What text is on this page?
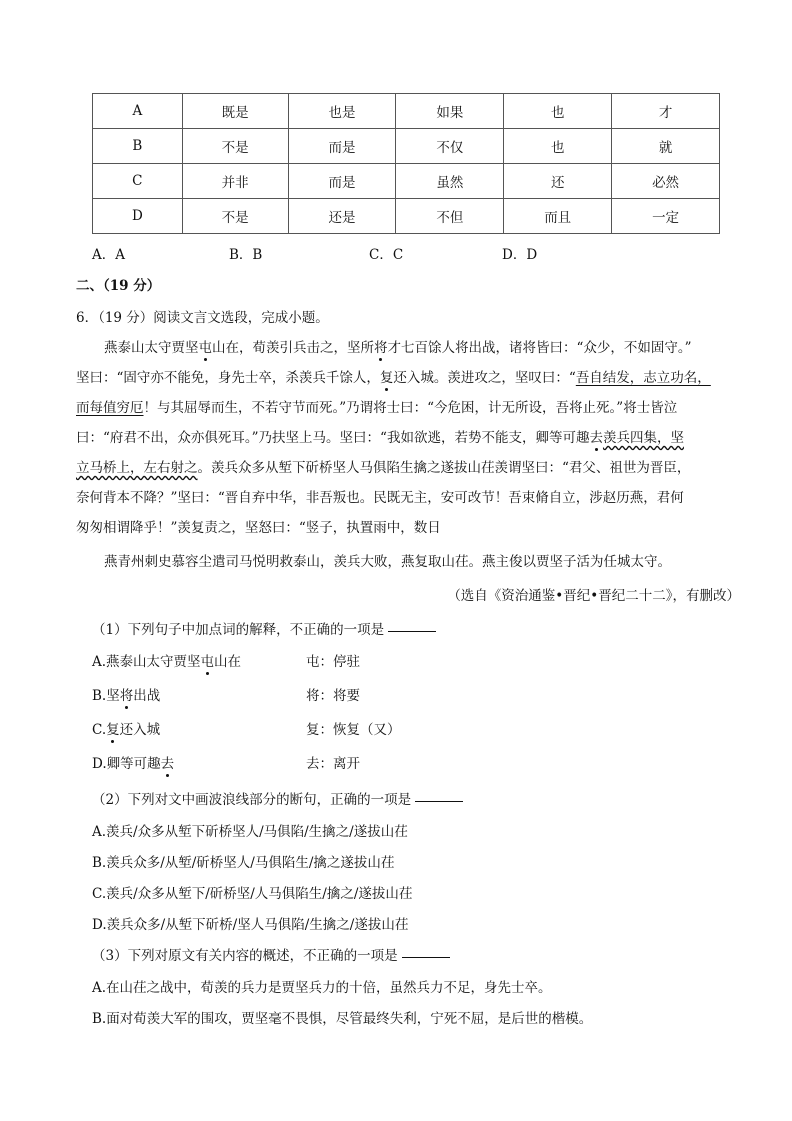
A	既是	也是	如果	也	才
B	不是	而是	不仅	也	就
C	并非	而是	虽然	还	必然
D	不是	还是	不但	而且	一定
A．A	B．B	C．C	D．D
二、（19 分）
6．（19 分）阅读文言文选段，完成小题。
燕泰山太守贾坚屯山在，荀羡引兵击之，坚所将才七百馀人将出战，诸将皆曰：“众少，不如固守。”
坚曰：“固守亦不能免，身先士卒，杀羡兵千馀人，复还入城。羡进攻之，坚叹曰：“吾自结发，志立功名，
而每值穷厄！与其屈辱而生，不若守节而死。”乃谓将士曰：“今危困，计无所设，吾将止死。”将士皆泣
曰：“府君不出，众亦俱死耳。”乃扶坚上马。坚曰：“我如欲逃，若势不能支，卿等可趣去羡兵四集，坚
立马桥上，左右射之。羡兵众多从堑下斫桥坚人马俱陷生擒之遂拔山茌羡谓坚曰：“君父、祖世为晋臣，
奈何背本不降？”坚曰：“晋自弃中华，非吾叛也。民既无主，安可改节！吾束脩自立，涉赵历燕，君何
匆匆相谓降乎！”羡复责之，坚怒曰：“竖子，执置雨中，数日
燕青州刺史慕容尘遣司马悦明救泰山，羡兵大败，燕复取山茌。燕主俊以贾坚子活为任城太守。
（选自《资治通鉴•晋纪•晋纪二十二》，有删改）
（1）下列句子中加点词的解释，不正确的一项是
A.燕泰山太守贾坚屯山在	屯：停驻
B.坚将出战	将：将要
C.复还入城	复：恢复（又）
D.卿等可趣去	去：离开
（2）下列对文中画波浪线部分的断句，正确的一项是
A.羡兵/众多从堑下斫桥坚人/马俱陷/生擒之/遂拔山茌
B.羡兵众多/从堑/斫桥坚人/马俱陷生/擒之遂拔山茌
C.羡兵/众多从堑下/斫桥坚/人马俱陷生/擒之/遂拔山茌
D.羡兵众多/从堑下斫桥/坚人马俱陷/生擒之/遂拔山茌
（3）下列对原文有关内容的概述，不正确的一项是
A.在山茌之战中，荀羡的兵力是贾坚兵力的十倍，虽然兵力不足，身先士卒。
B.面对荀羡大军的围攻，贾坚毫不畏惧，尽管最终失利，宁死不屈，是后世的楷模。
